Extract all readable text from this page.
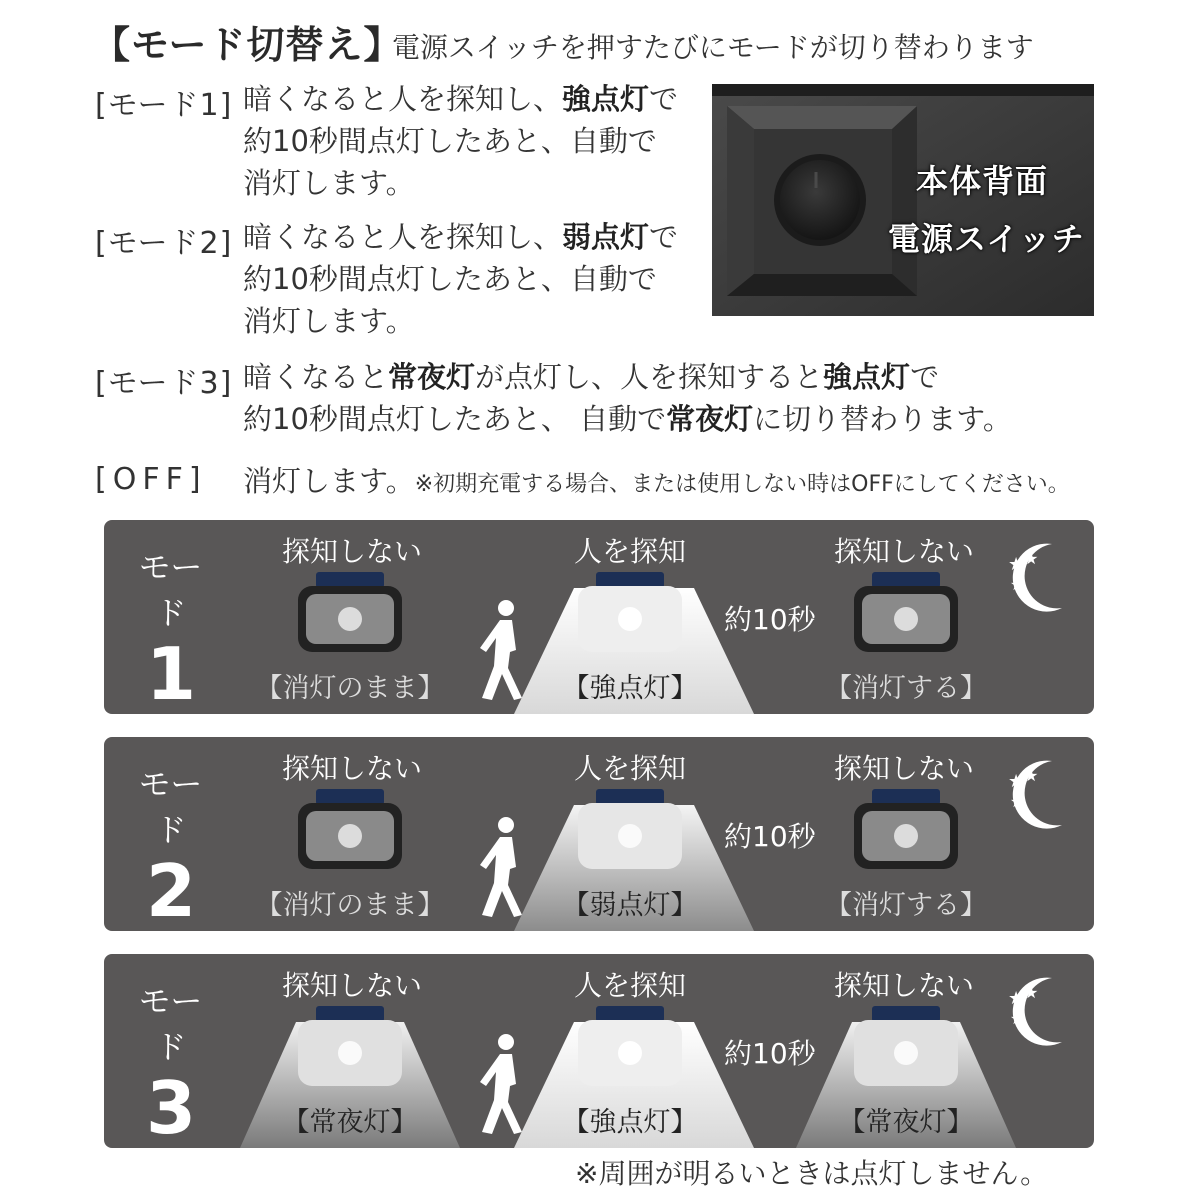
【モード切替え】
電源スイッチを押すたびにモードが切り替わります
[モード1] 暗くなると人を探知し、強点灯で
約10秒間点灯したあと、自動で
消灯します。
[モード2] 暗くなると人を探知し、弱点灯で
約10秒間点灯したあと、自動で
消灯します。
[モード3] 暗くなると常夜灯が点灯し、人を探知すると強点灯で
約10秒間点灯したあと、 自動で常夜灯に切り替わります。
[OFF] 消灯します。※初期充電する場合、または使用しない時はOFFにしてください。
本体背面
電源スイッチ
モード
1
探知しない
【消灯のまま】
人を探知
【強点灯】
約10秒
探知しない
【消灯する】
★ ★
★
モード
2
探知しない
【消灯のまま】
人を探知
【弱点灯】
約10秒
探知しない
【消灯する】
★ ★
★
モード
3
探知しない
【常夜灯】
人を探知
【強点灯】
約10秒
探知しない
【常夜灯】
★ ★
★
※周囲が明るいときは点灯しません。
